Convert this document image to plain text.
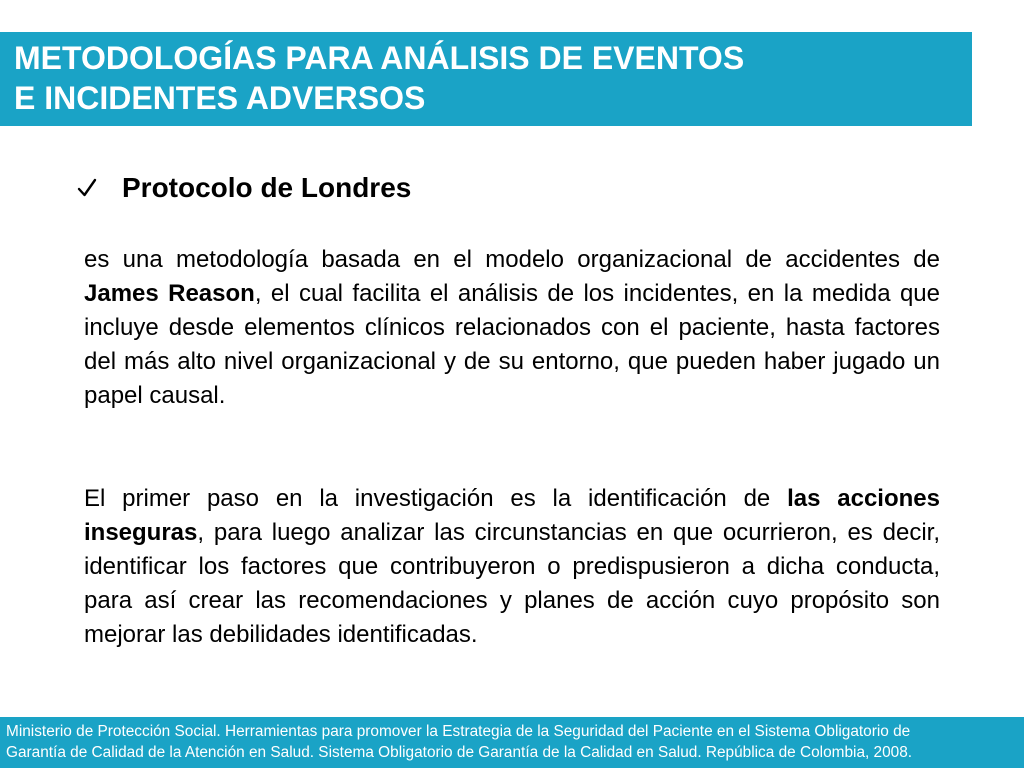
METODOLOGÍAS PARA ANÁLISIS DE EVENTOS
E INCIDENTES ADVERSOS
Protocolo de Londres

es una metodología basada en el modelo organizacional de accidentes de James Reason, el cual facilita el análisis de los incidentes, en la medida que incluye desde elementos clínicos relacionados con el paciente, hasta factores del más alto nivel organizacional y de su entorno, que pueden haber jugado un papel causal.

El primer paso en la investigación es la identificación de las acciones inseguras, para luego analizar las circunstancias en que ocurrieron, es decir, identificar los factores que contribuyeron o predispusieron a dicha conducta, para así crear las recomendaciones y planes de acción cuyo propósito son mejorar las debilidades identificadas.

Ministerio de Protección Social. Herramientas para promover la Estrategia de la Seguridad del Paciente en el Sistema Obligatorio de
Garantía de Calidad de la Atención en Salud. Sistema Obligatorio de Garantía de la Calidad en Salud. República de Colombia, 2008.
